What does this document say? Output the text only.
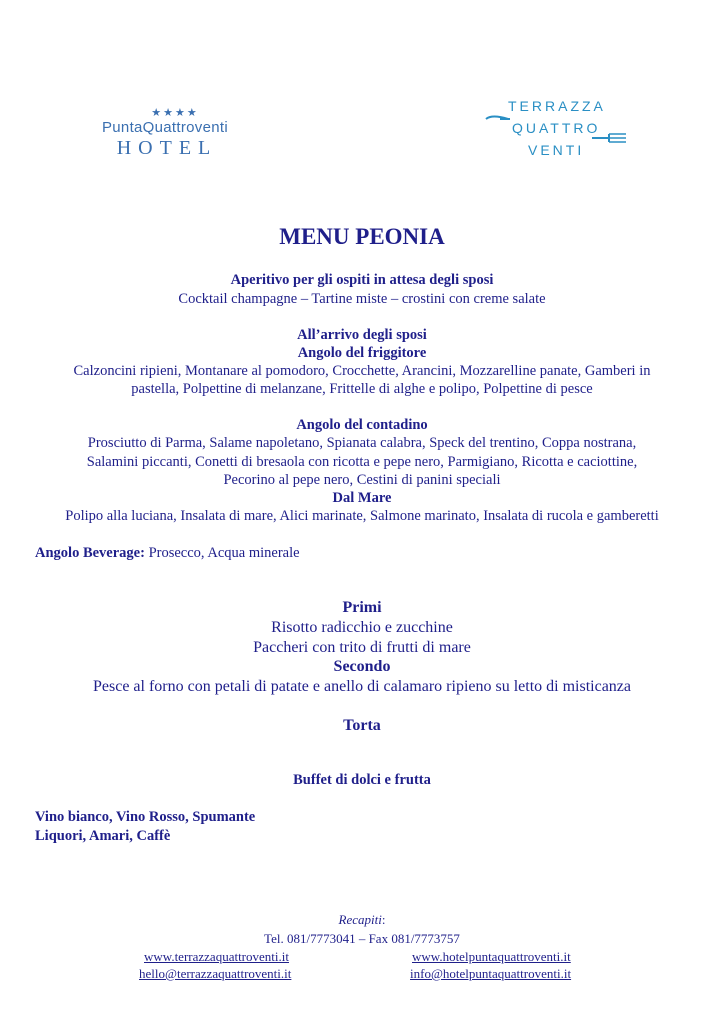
★★★★
PuntaQuattroventi
HOTEL
TERRAZZA
QUATTRO
VENTI
MENU PEONIA
Aperitivo per gli ospiti in attesa degli sposi
Cocktail champagne – Tartine miste – crostini con creme salate
All’arrivo degli sposi
Angolo del friggitore
Calzoncini ripieni, Montanare al pomodoro, Crocchette, Arancini, Mozzarelline panate, Gamberi in
pastella, Polpettine di melanzane, Frittelle di alghe e polipo, Polpettine di pesce
Angolo del contadino
Prosciutto di Parma, Salame napoletano, Spianata calabra, Speck del trentino, Coppa nostrana,
Salamini piccanti, Conetti di bresaola con ricotta e pepe nero, Parmigiano, Ricotta e caciottine,
Pecorino al pepe nero, Cestini di panini speciali
Dal Mare
Polipo alla luciana, Insalata di mare, Alici marinate, Salmone marinato, Insalata di rucola e gamberetti
Angolo Beverage: Prosecco, Acqua minerale
Primi
Risotto radicchio e zucchine
Paccheri con trito di frutti di mare
Secondo
Pesce al forno con petali di patate e anello di calamaro ripieno su letto di misticanza
Torta
Buffet di dolci e frutta
Vino bianco, Vino Rosso, Spumante
Liquori, Amari, Caffè
Recapiti:
Tel. 081/7773041 – Fax 081/7773757
www.terrazzaquattroventi.it	www.hotelpuntaquattroventi.it
hello@terrazzaquattroventi.it	info@hotelpuntaquattroventi.it
